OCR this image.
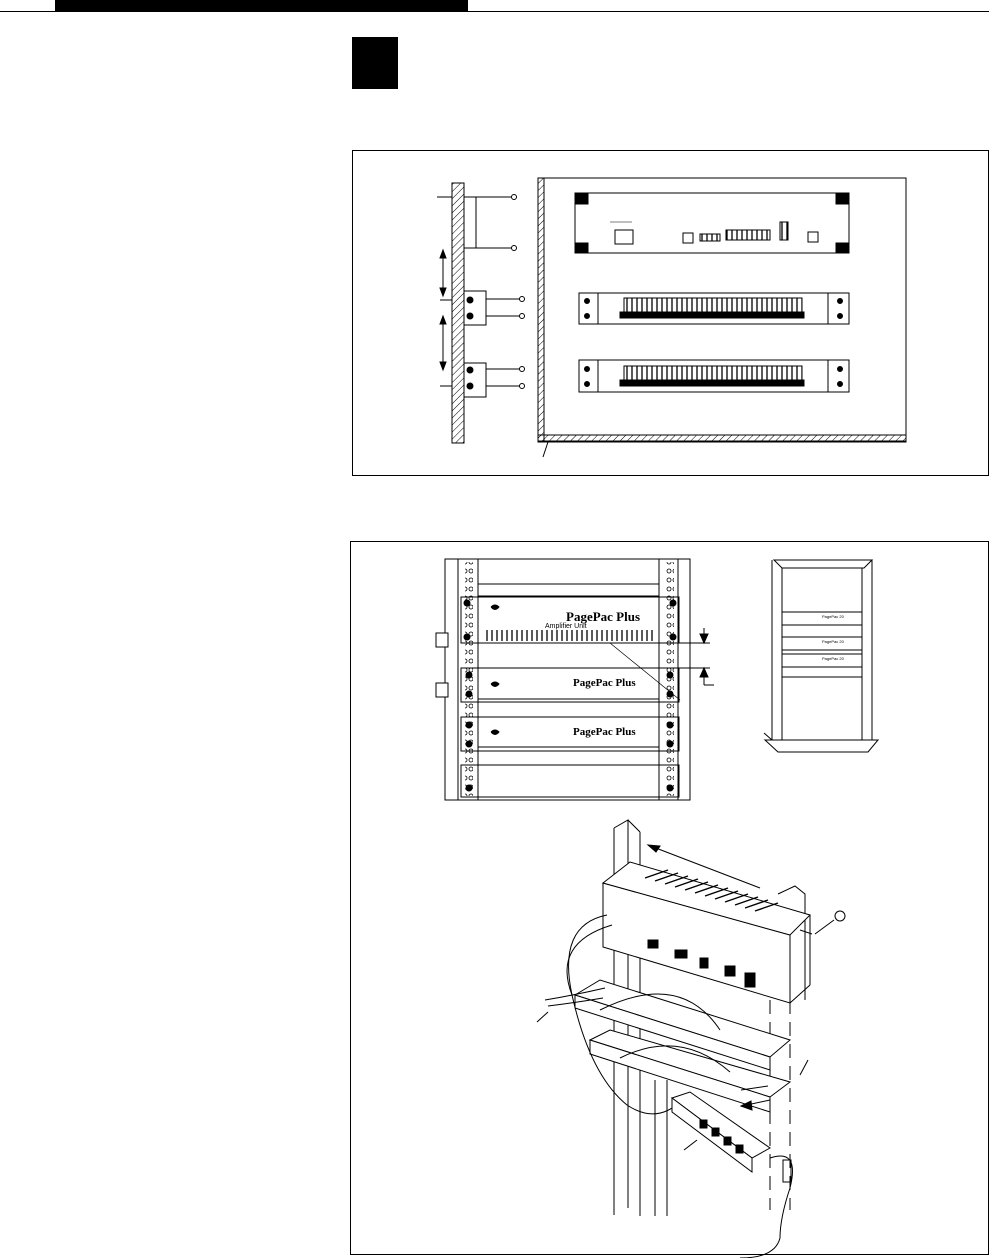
PagePac Plus
Amplifier Unit
PagePac Plus
PagePac Plus
PagePac 20
PagePac 20
PagePac 20
